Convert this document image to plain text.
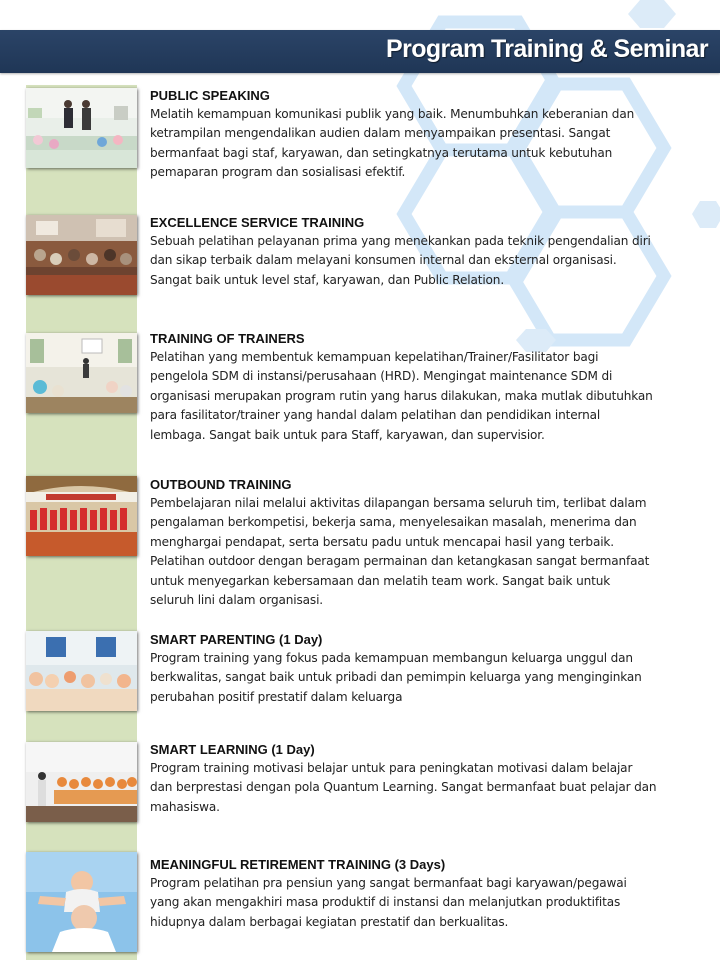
Program Training & Seminar

PUBLIC SPEAKING

Melatih kemampuan komunikasi publik yang baik. Menumbuhkan keberanian dan
ketrampilan mengendalikan audien dalam menyampaikan presentasi. Sangat
bermanfaat bagi staf, karyawan, dan setingkatnya terutama untuk kebutuhan
pemaparan program dan sosialisasi efektif.

EXCELLENCE SERVICE TRAINING

Sebuah pelatihan pelayanan prima yang menekankan pada teknik pengendalian diri
dan sikap terbaik dalam melayani konsumen internal dan eksternal organisasi.
Sangat baik untuk level staf, karyawan, dan Public Relation.

TRAINING OF TRAINERS

Pelatihan yang membentuk kemampuan kepelatihan/Trainer/Fasilitator bagi
pengelola SDM di instansi/perusahaan (HRD). Mengingat maintenance SDM di
organisasi merupakan program rutin yang harus dilakukan, maka mutlak dibutuhkan
para fasilitator/trainer yang handal dalam pelatihan dan pendidikan internal
lembaga. Sangat baik untuk para Staff, karyawan, dan supervisior.

OUTBOUND TRAINING

Pembelajaran nilai melalui aktivitas dilapangan bersama seluruh tim, terlibat dalam
pengalaman berkompetisi, bekerja sama, menyelesaikan masalah, menerima dan
menghargai pendapat, serta bersatu padu untuk mencapai hasil yang terbaik.
Pelatihan outdoor dengan beragam permainan dan ketangkasan sangat bermanfaat
untuk menyegarkan kebersamaan dan melatih team work. Sangat baik untuk
seluruh lini dalam organisasi.

SMART PARENTING (1 Day)

Program training yang fokus pada kemampuan membangun keluarga unggul dan
berkwalitas, sangat baik untuk pribadi dan pemimpin keluarga yang menginginkan
perubahan positif prestatif dalam keluarga

SMART LEARNING (1 Day)

Program training motivasi belajar untuk para peningkatan motivasi dalam belajar
dan berprestasi dengan pola Quantum Learning. Sangat bermanfaat buat pelajar dan
mahasiswa.

MEANINGFUL RETIREMENT TRAINING (3 Days)

Program pelatihan pra pensiun yang sangat bermanfaat bagi karyawan/pegawai
yang akan mengakhiri masa produktif di instansi dan melanjutkan produktifitas
hidupnya dalam berbagai kegiatan prestatif dan berkualitas.
